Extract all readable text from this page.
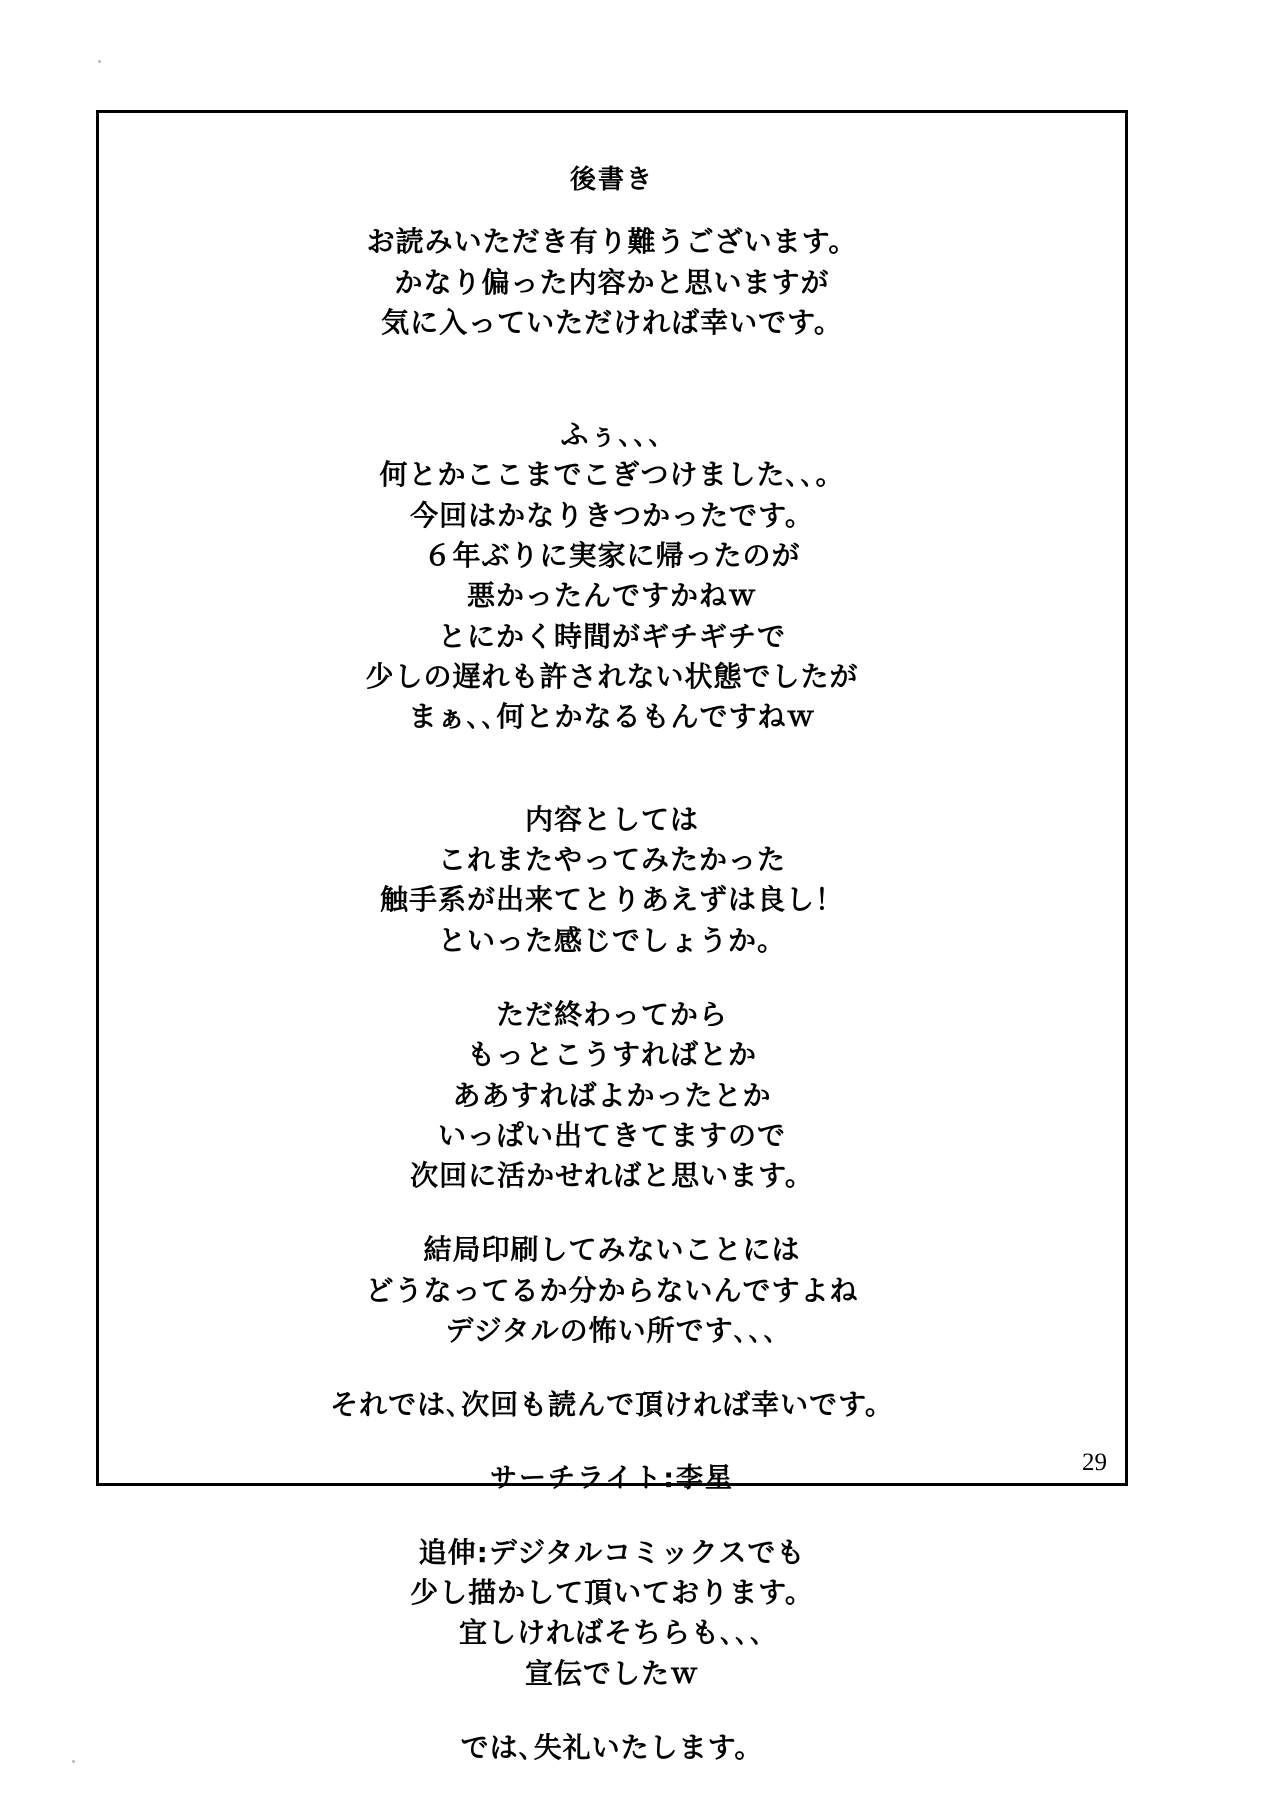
後書き
お読みいただき有り難うございます。
かなり偏った内容かと思いますが
気に入っていただければ幸いです。
ふぅ､､､
何とかここまでこぎつけました､､。
今回はかなりきつかったです。
６年ぶりに実家に帰ったのが
悪かったんですかねｗ
とにかく時間がギチギチで
少しの遅れも許されない状態でしたが
まぁ､､何とかなるもんですねｗ
内容としては
これまたやってみたかった
触手系が出来てとりあえずは良し！
といった感じでしょうか。
ただ終わってから
もっとこうすればとか
ああすればよかったとか
いっぱい出てきてますので
次回に活かせればと思います。
結局印刷してみないことには
どうなってるか分からないんですよね
デジタルの怖い所です､､､
それでは､次回も読んで頂ければ幸いです。
サーチライト:李星
追伸:デジタルコミックスでも
少し描かして頂いております。
宜しければそちらも､､､
宣伝でしたｗ
では､失礼いたします。
29
